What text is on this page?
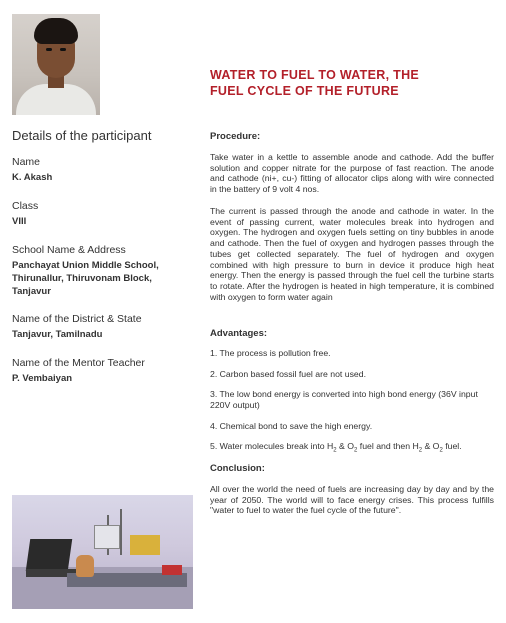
WATER TO FUEL TO WATER, THE
FUEL CYCLE OF THE FUTURE
Details of the participant
Name
K. Akash
Class
VIII
School Name & Address
Panchayat Union Middle School, Thirunallur, Thiruvonam Block, Tanjavur
Name of the District & State
Tanjavur, Tamilnadu
Name of the Mentor Teacher
P. Vembaiyan
Procedure:
Take water in a kettle to assemble anode and cathode. Add the buffer solution and copper nitrate for the purpose of fast reaction. The anode and cathode (ni+, cu-) fitting of allocator clips along with wire connected in the battery of 9 volt 4 nos.
The current is passed through the anode and cathode in water. In the event of passing current, water molecules break into hydrogen and oxygen. The hydrogen and oxygen fuels setting on tiny bubbles in anode and cathode. Then the fuel of oxygen and hydrogen passes through the tubes get collected separately. The fuel of hydrogen and oxygen combined with high pressure to burn in device it produce high heat energy. Then the energy is passed through the fuel cell the turbine starts to rotate. After the hydrogen is heated in high temperature, it is combined with oxygen to form water again
Advantages:
1. The process is pollution free.
2. Carbon based fossil fuel are not used.
3. The low bond energy is converted into high bond energy (36V input 220V output)
4. Chemical bond to save the high energy.
5. Water molecules break into $H_2$ & $O_2$ fuel and then $H_2$ & $O_2$ fuel.
Conclusion:
All over the world the need of fuels are increasing day by day and by the year of 2050. The world will to face energy crises. This process fulfills "water to fuel to water the fuel cycle of the future".
